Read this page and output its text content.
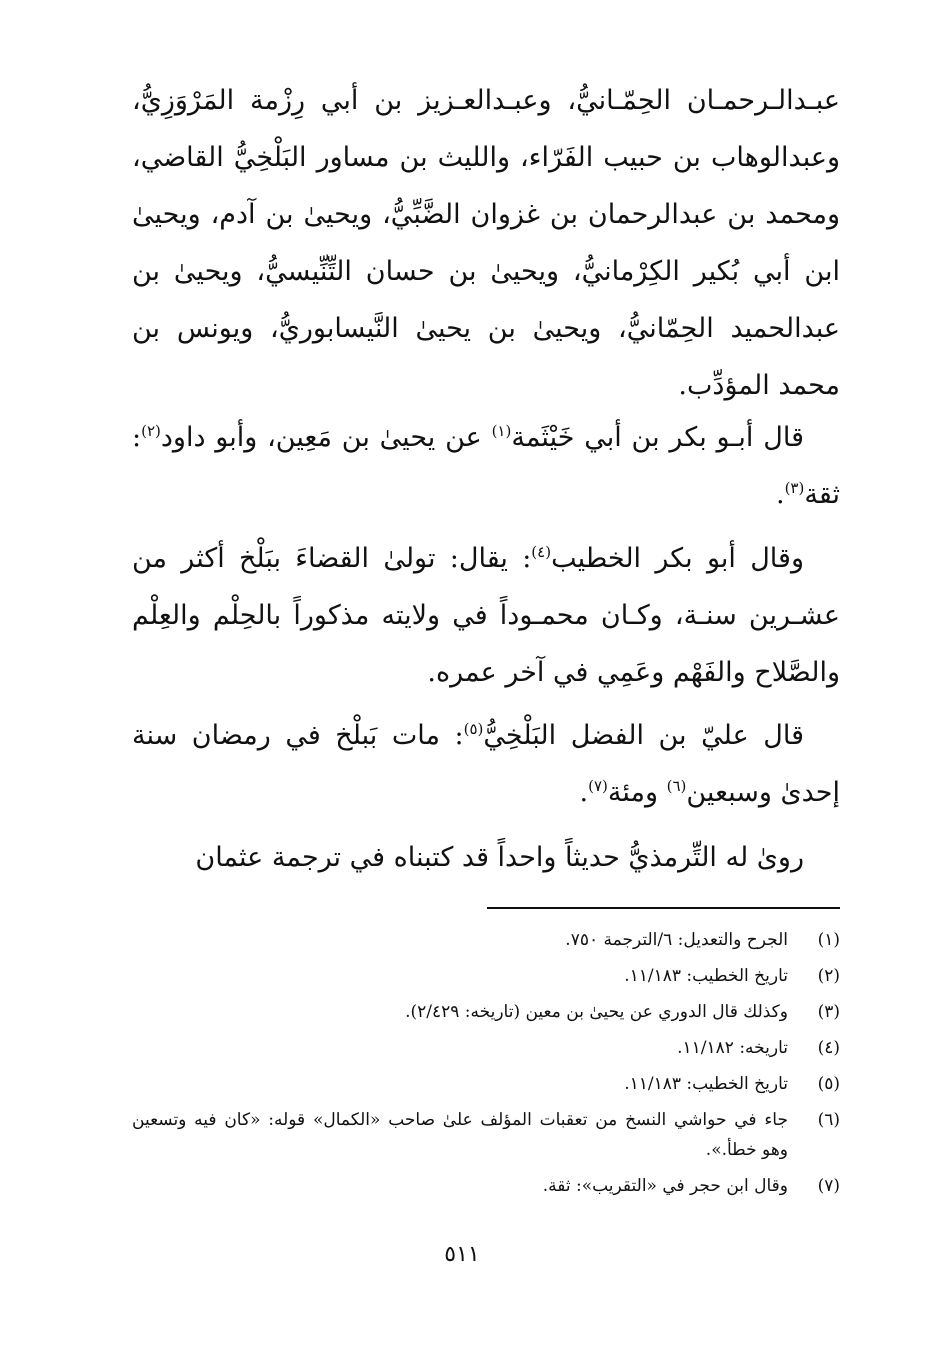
عبـدالـرحمـان الحِمّـانيُّ، وعبـدالعـزيز بن أبي رِزْمة المَرْوَزِيُّ، وعبدالوهاب بن حبيب الفَرّاء، والليث بن مساور البَلْخِيُّ القاضي، ومحمد بن عبدالرحمان بن غزوان الضَّبِّيُّ، ويحيىٰ بن آدم، ويحيىٰ ابن أبي بُكير الكِرْمانيُّ، ويحيىٰ بن حسان التِّنِّيسيُّ، ويحيىٰ بن عبدالحميد الحِمّانيُّ، ويحيىٰ بن يحيىٰ النَّيسابوريُّ، ويونس بن محمد المؤدِّب.

قال أبـو بكر بن أبي خَيْثَمة$^{(١)}$ عن يحيىٰ بن مَعِين، وأبو داود$^{(٢)}$: ثقة$^{(٣)}$.

وقال أبو بكر الخطيب$^{(٤)}$: يقال: تولىٰ القضاءَ ببَلْخ أكثر من عشـرين سنـة، وكـان محمـوداً في ولايته مذكوراً بالحِلْم والعِلْم والصَّلاح والفَهْم وعَمِي في آخر عمره.

قال عليّ بن الفضل البَلْخِيُّ$^{(٥)}$: مات بَبلْخ في رمضان سنة إحدىٰ وسبعين$^{(٦)}$ ومئة$^{(٧)}$.

رویٰ له التِّرمذيُّ حديثاً واحداً قد كتبناه في ترجمة عثمان

(١)
الجرح والتعديل: ٦/الترجمة ٧٥٠.
(٢)
تاريخ الخطيب: ١١/١٨٣.
(٣)
وكذلك قال الدوري عن يحيىٰ بن معين (تاريخه: ٢/٤٢٩).
(٤)
تاريخه: ١١/١٨٢.
(٥)
تاريخ الخطيب: ١١/١٨٣.
(٦)
جاء في حواشي النسخ من تعقبات المؤلف علىٰ صاحب «الكمال» قوله: «كان فيه وتسعين وهو خطأ.».
(٧)
وقال ابن حجر في «التقريب»: ثقة.
٥١١
